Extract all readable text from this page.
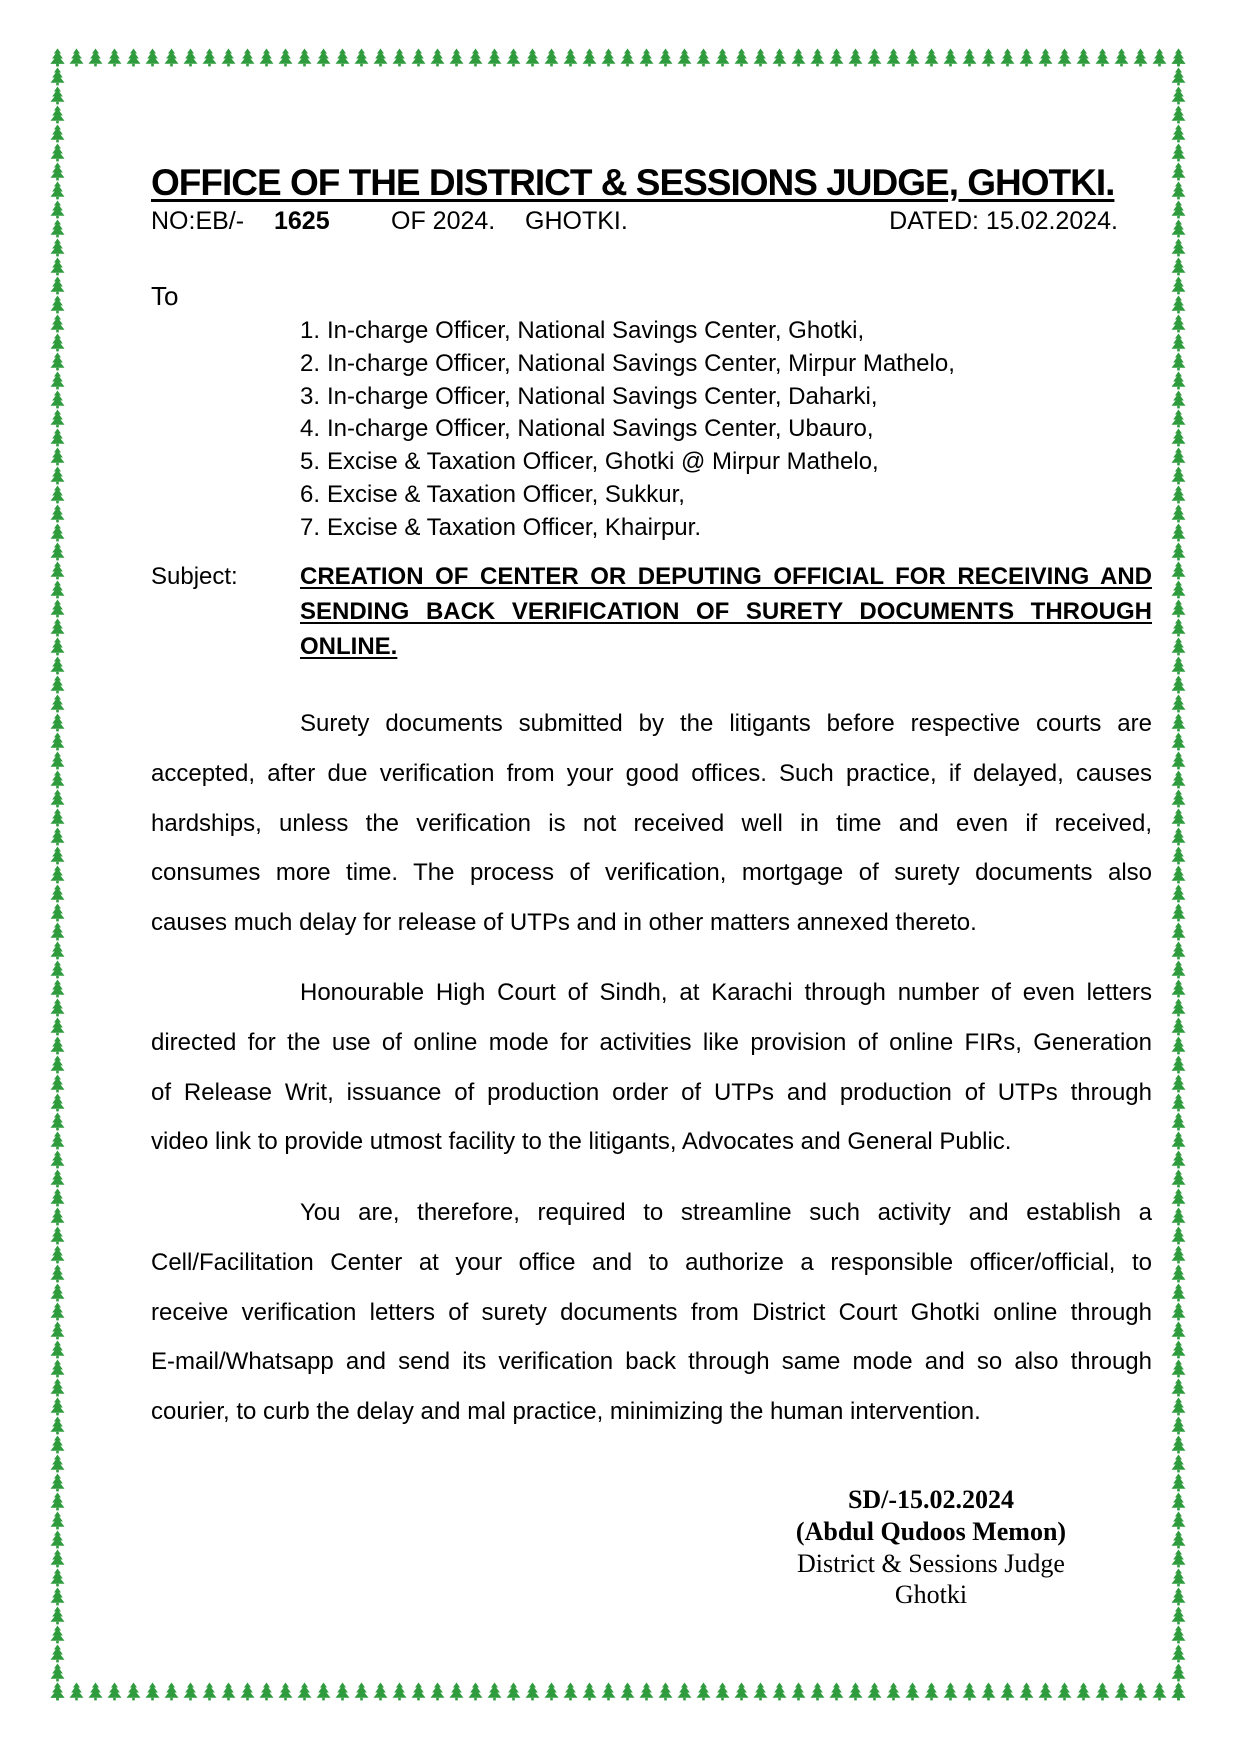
OFFICE OF THE DISTRICT & SESSIONS JUDGE, GHOTKI.
NO:EB/- 1625 OF 2024. GHOTKI.	DATED: 15.02.2024.
To
1. In-charge Officer, National Savings Center, Ghotki,
2. In-charge Officer, National Savings Center, Mirpur Mathelo,
3. In-charge Officer, National Savings Center, Daharki,
4. In-charge Officer, National Savings Center, Ubauro,
5. Excise & Taxation Officer, Ghotki @ Mirpur Mathelo,
6. Excise & Taxation Officer, Sukkur,
7. Excise & Taxation Officer, Khairpur.
Subject:	CREATION OF CENTER OR DEPUTING OFFICIAL FOR RECEIVING AND
SENDING BACK VERIFICATION OF SURETY DOCUMENTS THROUGH
ONLINE.
Surety documents submitted by the litigants before respective courts are
accepted, after due verification from your good offices. Such practice, if delayed, causes
hardships, unless the verification is not received well in time and even if received,
consumes more time. The process of verification, mortgage of surety documents also
causes much delay for release of UTPs and in other matters annexed thereto.
Honourable High Court of Sindh, at Karachi through number of even letters
directed for the use of online mode for activities like provision of online FIRs, Generation
of Release Writ, issuance of production order of UTPs and production of UTPs through
video link to provide utmost facility to the litigants, Advocates and General Public.
You are, therefore, required to streamline such activity and establish a
Cell/Facilitation Center at your office and to authorize a responsible officer/official, to
receive verification letters of surety documents from District Court Ghotki online through
E-mail/Whatsapp and send its verification back through same mode and so also through
courier, to curb the delay and mal practice, minimizing the human intervention.
SD/-15.02.2024
(Abdul Qudoos Memon)
District & Sessions Judge
Ghotki
